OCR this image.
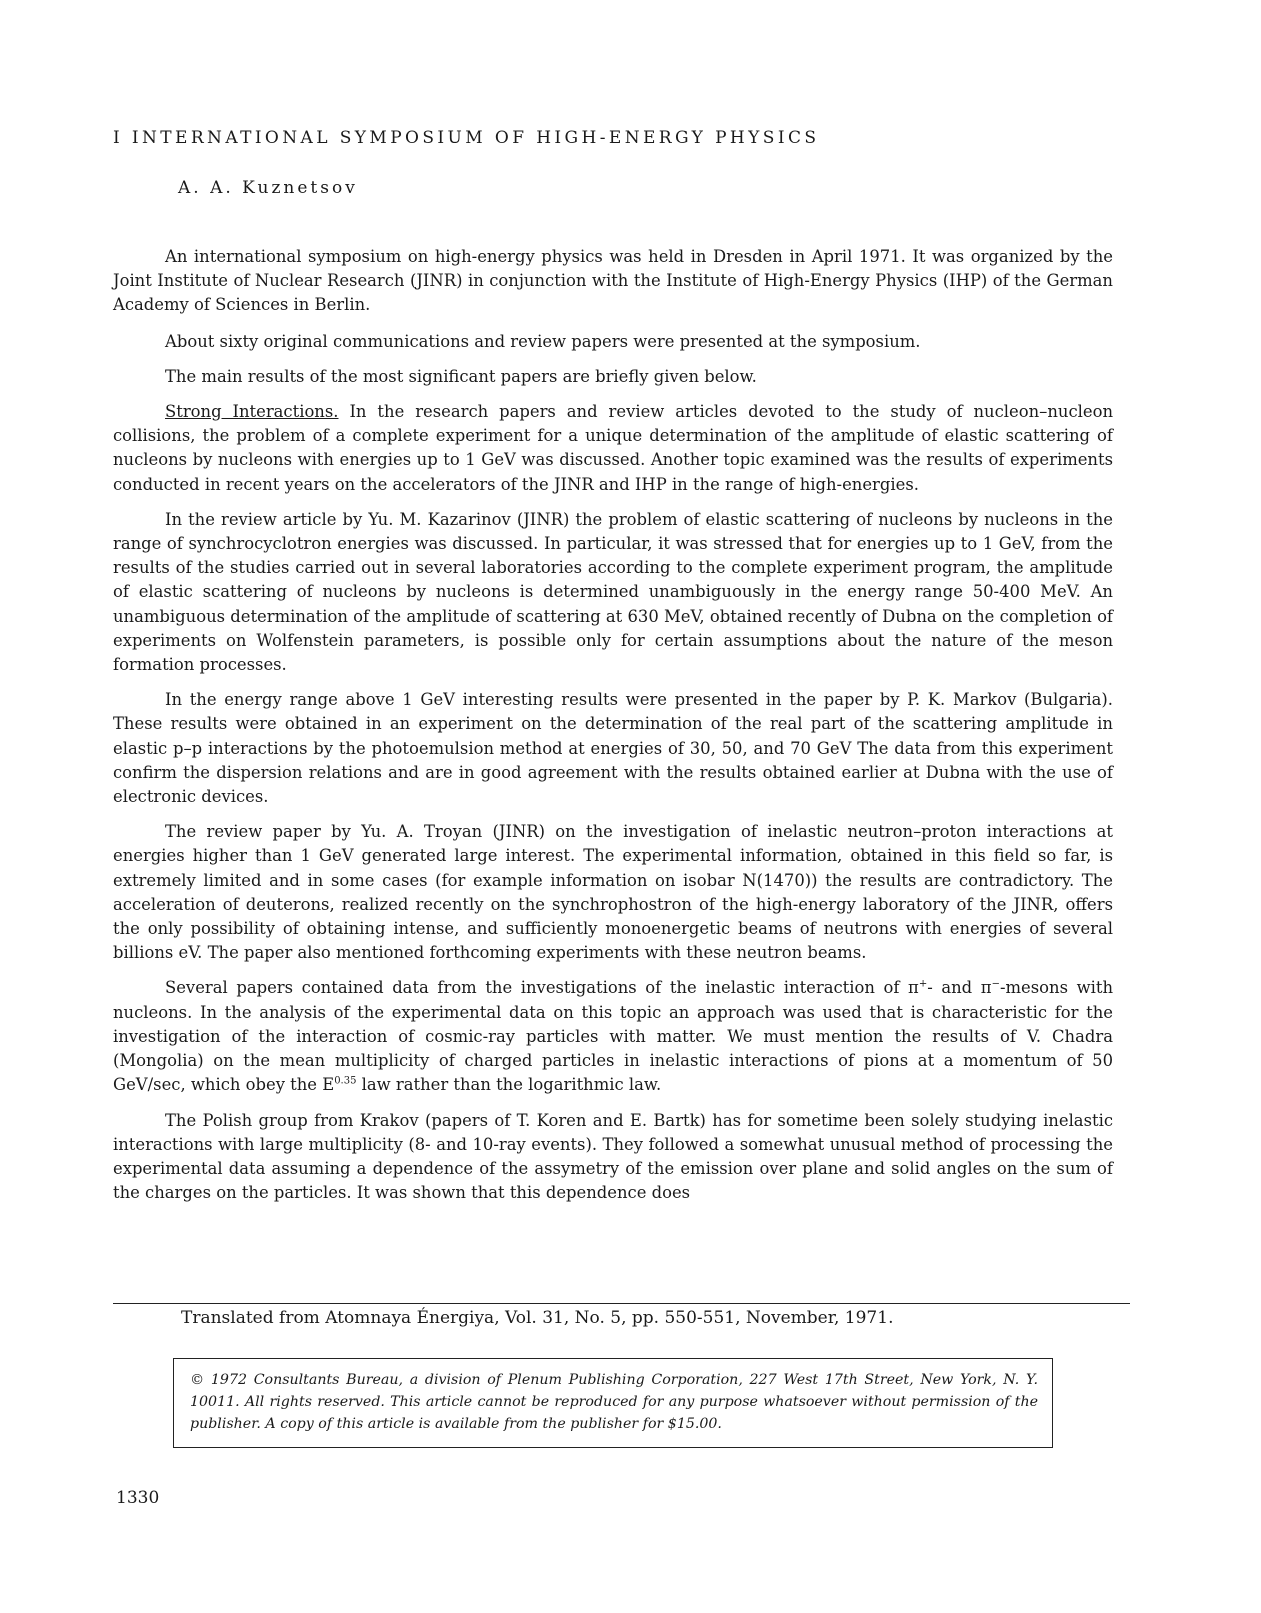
I INTERNATIONAL SYMPOSIUM OF HIGH-ENERGY PHYSICS
A. A. Kuznetsov

An international symposium on high-energy physics was held in Dresden in April 1971. It was organized by the Joint Institute of Nuclear Research (JINR) in conjunction with the Institute of High-Energy Physics (IHP) of the German Academy of Sciences in Berlin.

About sixty original communications and review papers were presented at the symposium.

The main results of the most significant papers are briefly given below.

Strong Interactions. In the research papers and review articles devoted to the study of nucleon–nucleon collisions, the problem of a complete experiment for a unique determination of the amplitude of elastic scattering of nucleons by nucleons with energies up to 1 GeV was discussed. Another topic examined was the results of experiments conducted in recent years on the accelerators of the JINR and IHP in the range of high-energies.

In the review article by Yu. M. Kazarinov (JINR) the problem of elastic scattering of nucleons by nucleons in the range of synchrocyclotron energies was discussed. In particular, it was stressed that for energies up to 1 GeV, from the results of the studies carried out in several laboratories according to the complete experiment program, the amplitude of elastic scattering of nucleons by nucleons is determined unambiguously in the energy range 50-400 MeV. An unambiguous determination of the amplitude of scattering at 630 MeV, obtained recently of Dubna on the completion of experiments on Wolfenstein parameters, is possible only for certain assumptions about the nature of the meson formation processes.

In the energy range above 1 GeV interesting results were presented in the paper by P. K. Markov (Bulgaria). These results were obtained in an experiment on the determination of the real part of the scattering amplitude in elastic p–p interactions by the photoemulsion method at energies of 30, 50, and 70 GeV The data from this experiment confirm the dispersion relations and are in good agreement with the results obtained earlier at Dubna with the use of electronic devices.

The review paper by Yu. A. Troyan (JINR) on the investigation of inelastic neutron–proton interactions at energies higher than 1 GeV generated large interest. The experimental information, obtained in this field so far, is extremely limited and in some cases (for example information on isobar N(1470)) the results are contradictory. The acceleration of deuterons, realized recently on the synchrophostron of the high-energy laboratory of the JINR, offers the only possibility of obtaining intense, and sufficiently monoenergetic beams of neutrons with energies of several billions eV. The paper also mentioned forthcoming experiments with these neutron beams.

Several papers contained data from the investigations of the inelastic interaction of π+- and π−-mesons with nucleons. In the analysis of the experimental data on this topic an approach was used that is characteristic for the investigation of the interaction of cosmic-ray particles with matter. We must mention the results of V. Chadra (Mongolia) on the mean multiplicity of charged particles in inelastic interactions of pions at a momentum of 50 GeV/sec, which obey the $E^{0.35}$ law rather than the logarithmic law.

The Polish group from Krakov (papers of T. Koren and E. Bartk) has for sometime been solely studying inelastic interactions with large multiplicity (8- and 10-ray events). They followed a somewhat unusual method of processing the experimental data assuming a dependence of the assymetry of the emission over plane and solid angles on the sum of the charges on the particles. It was shown that this dependence does

Translated from Atomnaya Énergiya, Vol. 31, No. 5, pp. 550-551, November, 1971.
© 1972 Consultants Bureau, a division of Plenum Publishing Corporation, 227 West 17th Street, New York, N. Y. 10011. All rights reserved. This article cannot be reproduced for any purpose whatsoever without permission of the publisher. A copy of this article is available from the publisher for $15.00.
1330
